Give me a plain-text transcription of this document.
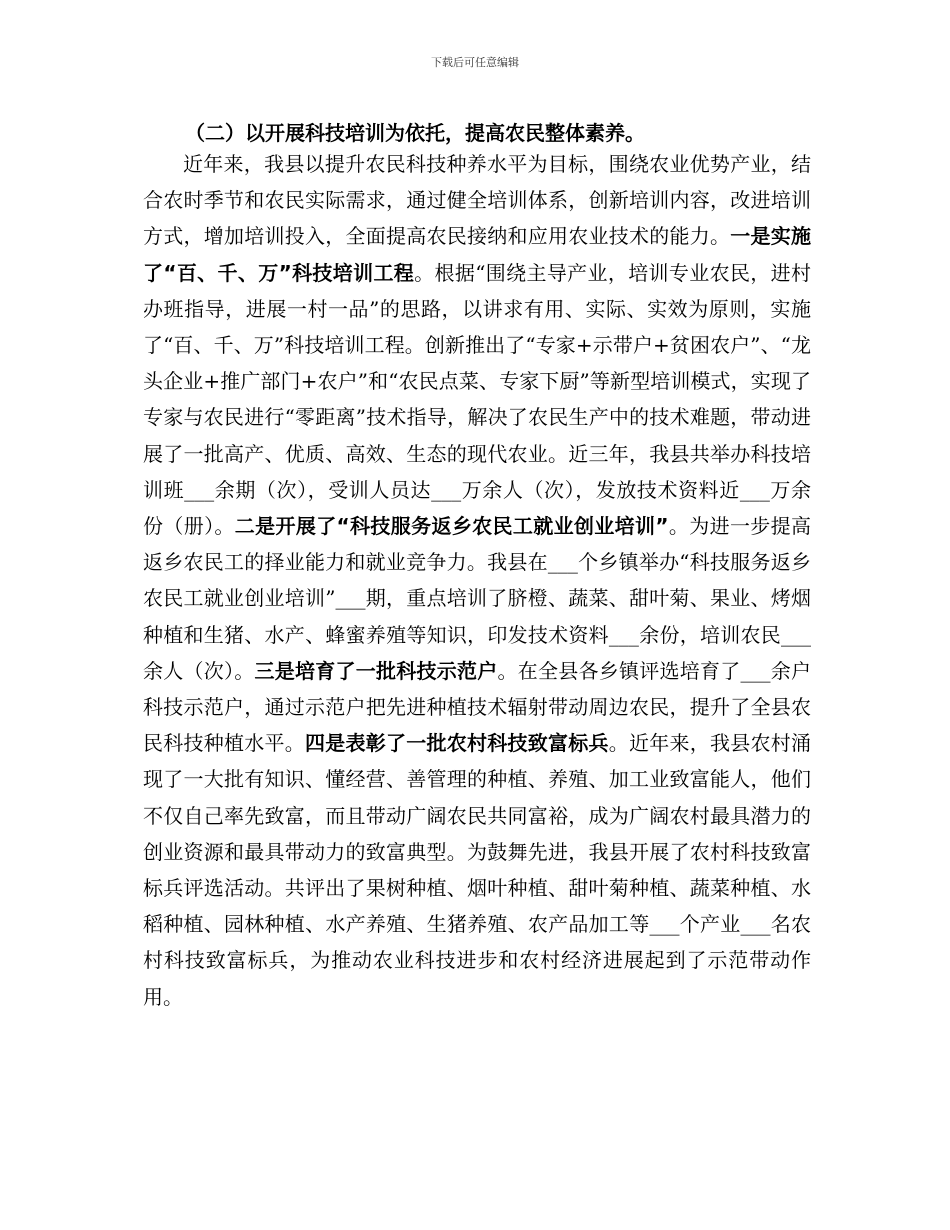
下载后可任意编辑
（二）以开展科技培训为依托，提高农民整体素养。

近年来，我县以提升农民科技种养水平为目标，围绕农业优势产业，结合农时季节和农民实际需求，通过健全培训体系，创新培训内容，改进培训方式，增加培训投入，全面提高农民接纳和应用农业技术的能力。一是实施了“百、千、万”科技培训工程。根据“围绕主导产业，培训专业农民，进村办班指导，进展一村一品”的思路，以讲求有用、实际、实效为原则，实施了“百、千、万”科技培训工程。创新推出了“专家+示带户+贫困农户”、“龙头企业+推广部门+农户”和“农民点菜、专家下厨”等新型培训模式，实现了专家与农民进行“零距离”技术指导，解决了农民生产中的技术难题，带动进展了一批高产、优质、高效、生态的现代农业。近三年，我县共举办科技培训班___余期（次），受训人员达___万余人（次），发放技术资料近___万余份（册）。二是开展了“科技服务返乡农民工就业创业培训”。为进一步提高返乡农民工的择业能力和就业竞争力。我县在___个乡镇举办“科技服务返乡农民工就业创业培训”___期，重点培训了脐橙、蔬菜、甜叶菊、果业、烤烟种植和生猪、水产、蜂蜜养殖等知识，印发技术资料___余份，培训农民___余人（次）。三是培育了一批科技示范户。在全县各乡镇评选培育了___余户科技示范户，通过示范户把先进种植技术辐射带动周边农民，提升了全县农民科技种植水平。四是表彰了一批农村科技致富标兵。近年来，我县农村涌现了一大批有知识、懂经营、善管理的种植、养殖、加工业致富能人，他们不仅自己率先致富，而且带动广阔农民共同富裕，成为广阔农村最具潜力的创业资源和最具带动力的致富典型。为鼓舞先进，我县开展了农村科技致富标兵评选活动。共评出了果树种植、烟叶种植、甜叶菊种植、蔬菜种植、水稻种植、园林种植、水产养殖、生猪养殖、农产品加工等___个产业___名农村科技致富标兵，为推动农业科技进步和农村经济进展起到了示范带动作用。
